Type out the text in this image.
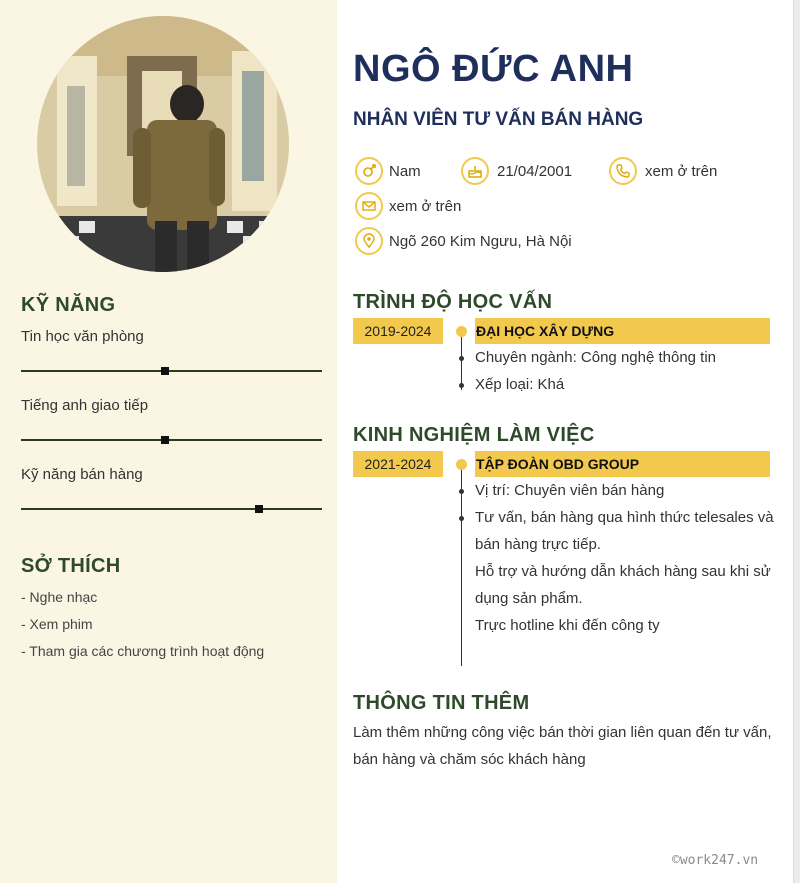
KỸ NĂNG
Tin học văn phòng
Tiếng anh giao tiếp
Kỹ năng bán hàng
SỞ THÍCH
- Nghe nhạc
- Xem phim
- Tham gia các chương trình hoạt động
NGÔ ĐỨC ANH
NHÂN VIÊN TƯ VẤN BÁN HÀNG
Nam	21/04/2001	xem ở trên
xem ở trên
Ngõ 260 Kim Ngưu, Hà Nội
TRÌNH ĐỘ HỌC VẤN
2019-2024	ĐẠI HỌC XÂY DỰNG
Chuyên ngành: Công nghệ thông tin
Xếp loại: Khá
KINH NGHIỆM LÀM VIỆC
2021-2024	TẬP ĐOÀN OBD GROUP
Vị trí: Chuyên viên bán hàng
Tư vấn, bán hàng qua hình thức telesales và
bán hàng trực tiếp.
Hỗ trợ và hướng dẫn khách hàng sau khi sử
dụng sản phẩm.
Trực hotline khi đến công ty
THÔNG TIN THÊM
Làm thêm những công việc bán thời gian liên quan đến tư vấn, bán hàng và chăm sóc khách hàng
©work247.vn
